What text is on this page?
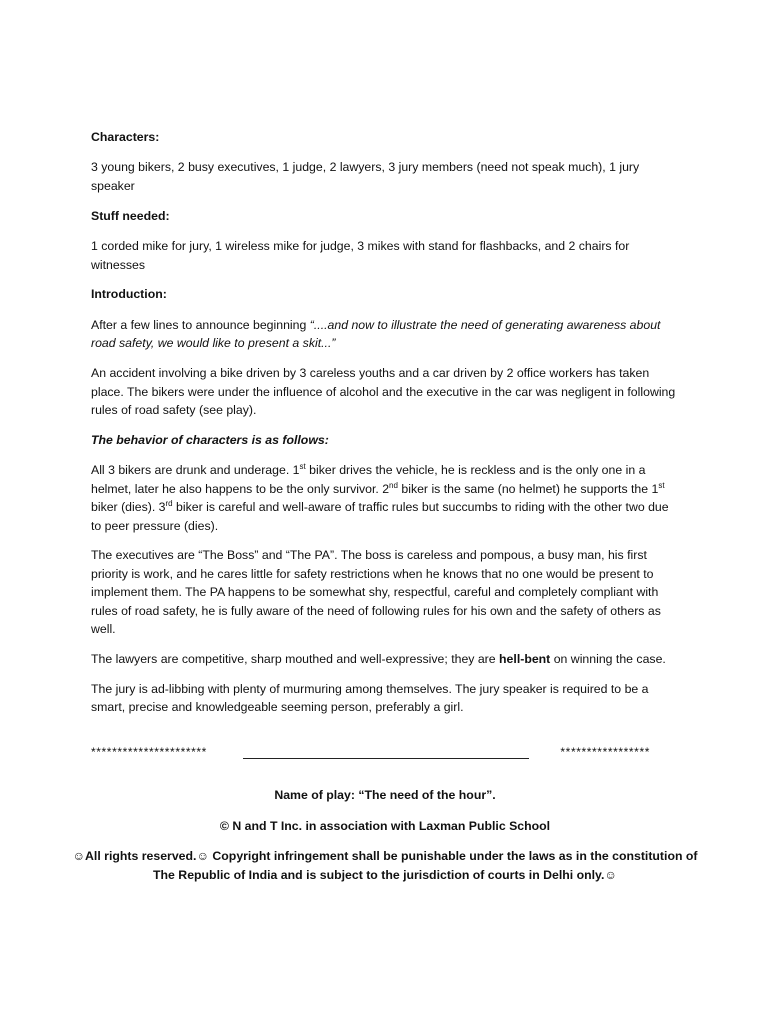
Characters:

3 young bikers, 2 busy executives, 1 judge, 2 lawyers, 3 jury members (need not speak much), 1 jury speaker

Stuff needed:

1 corded mike for jury, 1 wireless mike for judge, 3 mikes with stand for flashbacks, and 2 chairs for witnesses

Introduction:

After a few lines to announce beginning “....and now to illustrate the need of generating awareness about road safety, we would like to present a skit...”

An accident involving a bike driven by 3 careless youths and a car driven by 2 office workers has taken place. The bikers were under the influence of alcohol and the executive in the car was negligent in following rules of road safety (see play).

The behavior of characters is as follows:

All 3 bikers are drunk and underage. 1st biker drives the vehicle, he is reckless and is the only one in a helmet, later he also happens to be the only survivor. 2nd biker is the same (no helmet) he supports the 1st biker (dies). 3rd biker is careful and well-aware of traffic rules but succumbs to riding with the other two due to peer pressure (dies).

The executives are “The Boss” and “The PA”. The boss is careless and pompous, a busy man, his first priority is work, and he cares little for safety restrictions when he knows that no one would be present to implement them. The PA happens to be somewhat shy, respectful, careful and completely compliant with rules of road safety, he is fully aware of the need of following rules for his own and the safety of others as well.

The lawyers are competitive, sharp mouthed and well-expressive; they are hell-bent on winning the case.

The jury is ad-libbing with plenty of murmuring among themselves. The jury speaker is required to be a smart, precise and knowledgeable seeming person, preferably a girl.

**********************	*****************

Name of play: “The need of the hour”.

© N and T Inc. in association with Laxman Public School

☺All rights reserved.☺ Copyright infringement shall be punishable under the laws as in the constitution of The Republic of India and is subject to the jurisdiction of courts in Delhi only.☺
